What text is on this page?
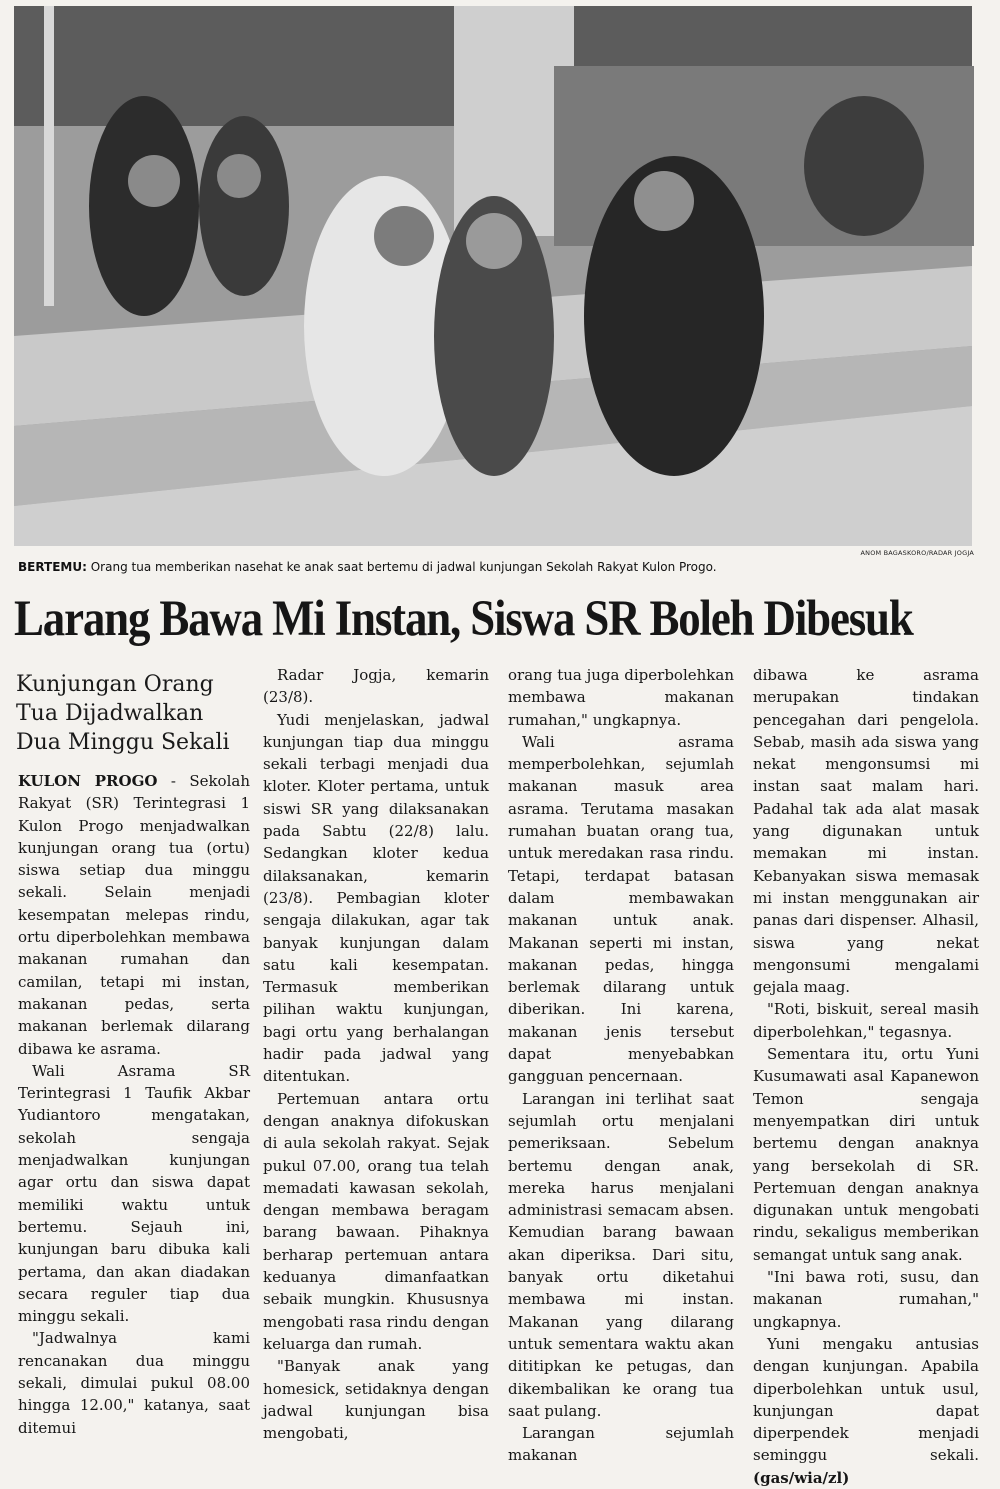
ANOM BAGASKORO/RADAR JOGJA
BERTEMU: Orang tua memberikan nasehat ke anak saat bertemu di jadwal kunjungan Sekolah Rakyat Kulon Progo.
Larang Bawa Mi Instan, Siswa SR Boleh Dibesuk
Kunjungan Orang Tua Dijadwalkan Dua Minggu Sekali

KULON PROGO - Sekolah Rakyat (SR) Terintegrasi 1 Kulon Progo menjadwalkan kunjungan orang tua (ortu) siswa setiap dua minggu sekali. Selain menjadi kesempatan melepas rindu, ortu diperbolehkan membawa makanan rumahan dan camilan, tetapi mi instan, makanan pedas, serta makanan berlemak dilarang dibawa ke asrama.

Wali Asrama SR Terintegrasi 1 Taufik Akbar Yudiantoro mengatakan, sekolah sengaja menjadwalkan kunjungan agar ortu dan siswa dapat memiliki waktu untuk bertemu. Sejauh ini, kunjungan baru dibuka kali pertama, dan akan diadakan secara reguler tiap dua minggu sekali.

"Jadwalnya kami rencanakan dua minggu sekali, dimulai pukul 08.00 hingga 12.00," katanya, saat ditemui

Radar Jogja, kemarin (23/8).

Yudi menjelaskan, jadwal kunjungan tiap dua minggu sekali terbagi menjadi dua kloter. Kloter pertama, untuk siswi SR yang dilaksanakan pada Sabtu (22/8) lalu. Sedangkan kloter kedua dilaksanakan, kemarin (23/8). Pembagian kloter sengaja dilakukan, agar tak banyak kunjungan dalam satu kali kesempatan. Termasuk memberikan pilihan waktu kunjungan, bagi ortu yang berhalangan hadir pada jadwal yang ditentukan.

Pertemuan antara ortu dengan anaknya difokuskan di aula sekolah rakyat. Sejak pukul 07.00, orang tua telah memadati kawasan sekolah, dengan membawa beragam barang bawaan. Pihaknya berharap pertemuan antara keduanya dimanfaatkan sebaik mungkin. Khususnya mengobati rasa rindu dengan keluarga dan rumah.

"Banyak anak yang homesick, setidaknya dengan jadwal kunjungan bisa mengobati,

orang tua juga diperbolehkan membawa makanan rumahan," ungkapnya.

Wali asrama memperbolehkan, sejumlah makanan masuk area asrama. Terutama masakan rumahan buatan orang tua, untuk meredakan rasa rindu. Tetapi, terdapat batasan dalam membawakan makanan untuk anak. Makanan seperti mi instan, makanan pedas, hingga berlemak dilarang untuk diberikan. Ini karena, makanan jenis tersebut dapat menyebabkan gangguan pencernaan.

Larangan ini terlihat saat sejumlah ortu menjalani pemeriksaan. Sebelum bertemu dengan anak, mereka harus menjalani administrasi semacam absen. Kemudian barang bawaan akan diperiksa. Dari situ, banyak ortu diketahui membawa mi instan. Makanan yang dilarang untuk sementara waktu akan dititipkan ke petugas, dan dikembalikan ke orang tua saat pulang.

Larangan sejumlah makanan

dibawa ke asrama merupakan tindakan pencegahan dari pengelola. Sebab, masih ada siswa yang nekat mengonsumsi mi instan saat malam hari. Padahal tak ada alat masak yang digunakan untuk memakan mi instan. Kebanyakan siswa memasak mi instan menggunakan air panas dari dispenser. Alhasil, siswa yang nekat mengonsumi mengalami gejala maag.

"Roti, biskuit, sereal masih diperbolehkan," tegasnya.

Sementara itu, ortu Yuni Kusumawati asal Kapanewon Temon sengaja menyempatkan diri untuk bertemu dengan anaknya yang bersekolah di SR. Pertemuan dengan anaknya digunakan untuk mengobati rindu, sekaligus memberikan semangat untuk sang anak.

"Ini bawa roti, susu, dan makanan rumahan," ungkapnya.

Yuni mengaku antusias dengan kunjungan. Apabila diperbolehkan untuk usul, kunjungan dapat diperpendek menjadi seminggu sekali. (gas/wia/zl)
